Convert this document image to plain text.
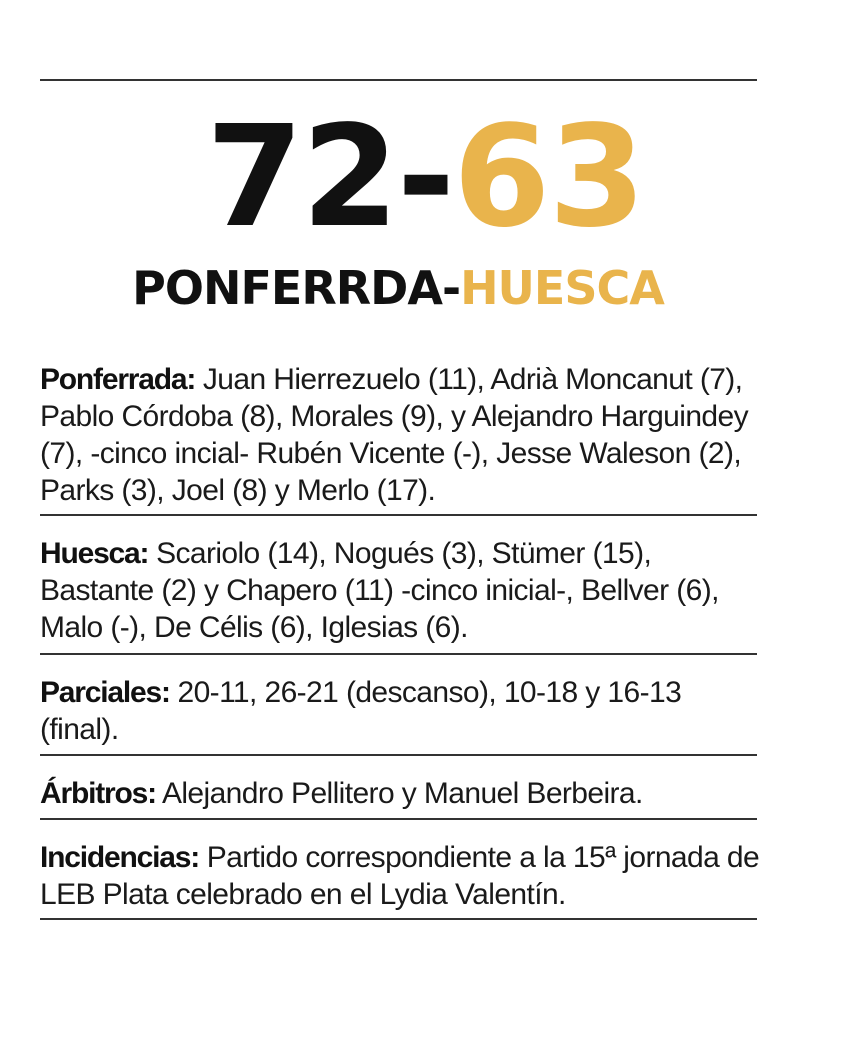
72-63
PONFERRDA-HUESCA
Ponferrada: Juan Hierrezuelo (11), Adrià Moncanut (7), Pablo Córdoba (8), Morales (9), y Alejandro Harguindey (7), -cinco incial- Rubén Vicente (-), Jesse Waleson (2), Parks (3), Joel (8) y Merlo (17).
Huesca: Scariolo (14), Nogués (3), Stümer (15), Bastante (2) y Chapero (11) -cinco inicial-, Bellver (6), Malo (-), De Célis (6), Iglesias (6).
Parciales: 20-11, 26-21 (descanso), 10-18 y 16-13 (final).
Árbitros: Alejandro Pellitero y Manuel Berbeira.
Incidencias: Partido correspondiente a la 15ª jornada de LEB Plata celebrado en el Lydia Valentín.
